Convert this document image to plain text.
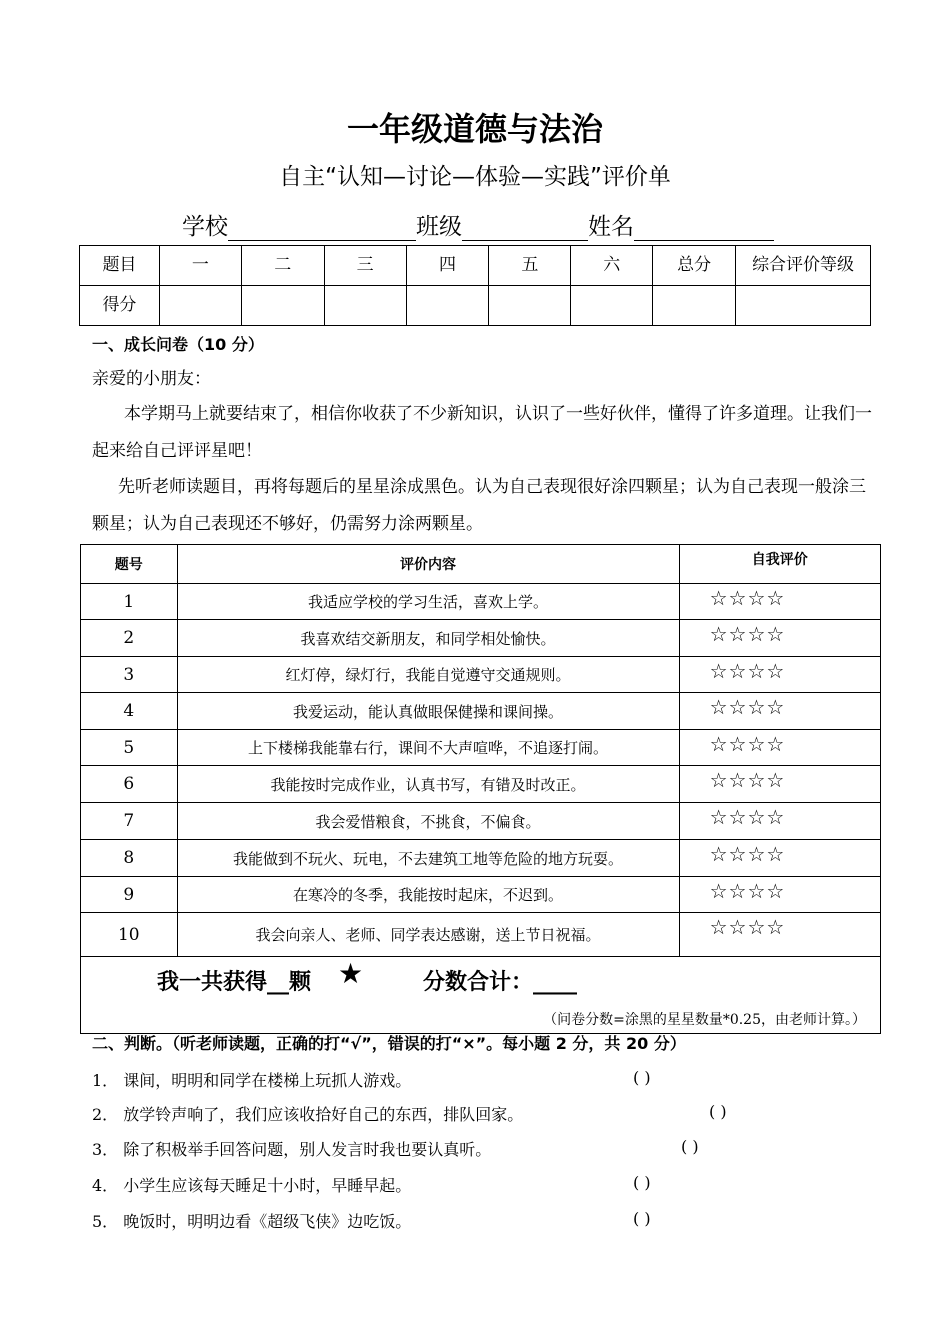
一年级道德与法治
自主“认知—讨论—体验—实践”评价单
学校	班级	姓名
题目	一	二	三	四	五	六	总分	综合评价等级
得分								
一、成长问卷（10 分）
亲爱的小朋友：
本学期马上就要结束了，相信你收获了不少新知识，认识了一些好伙伴，懂得了许多道理。让我们一起来给自己评评星吧！
先听老师读题目，再将每题后的星星涂成黑色。认为自己表现很好涂四颗星；认为自己表现一般涂三颗星；认为自己表现还不够好，仍需努力涂两颗星。
题号	评价内容	自我评价
1	我适应学校的学习生活，喜欢上学。	☆☆☆☆
2	我喜欢结交新朋友，和同学相处愉快。	☆☆☆☆
3	红灯停，绿灯行，我能自觉遵守交通规则。	☆☆☆☆
4	我爱运动，能认真做眼保健操和课间操。	☆☆☆☆
5	上下楼梯我能靠右行，课间不大声喧哗，不追逐打闹。	☆☆☆☆
6	我能按时完成作业，认真书写，有错及时改正。	☆☆☆☆
7	我会爱惜粮食，不挑食，不偏食。	☆☆☆☆
8	我能做到不玩火、玩电，不去建筑工地等危险的地方玩耍。	☆☆☆☆
9	在寒冷的冬季，我能按时起床，不迟到。	☆☆☆☆
10	我会向亲人、老师、同学表达感谢，送上节日祝福。	☆☆☆☆

我一共获得__颗 ★ 分数合计：____
（问卷分数=涂黑的星星数量*0.25，由老师计算。）		
二、判断。（听老师读题，正确的打“√”，错误的打“×”。每小题 2 分，共 20 分）
1． 课间，明明和同学在楼梯上玩抓人游戏。	( )
2． 放学铃声响了，我们应该收拾好自己的东西，排队回家。	( )
3． 除了积极举手回答问题，别人发言时我也要认真听。	( )
4． 小学生应该每天睡足十小时，早睡早起。	( )
5． 晚饭时，明明边看《超级飞侠》边吃饭。	( )
